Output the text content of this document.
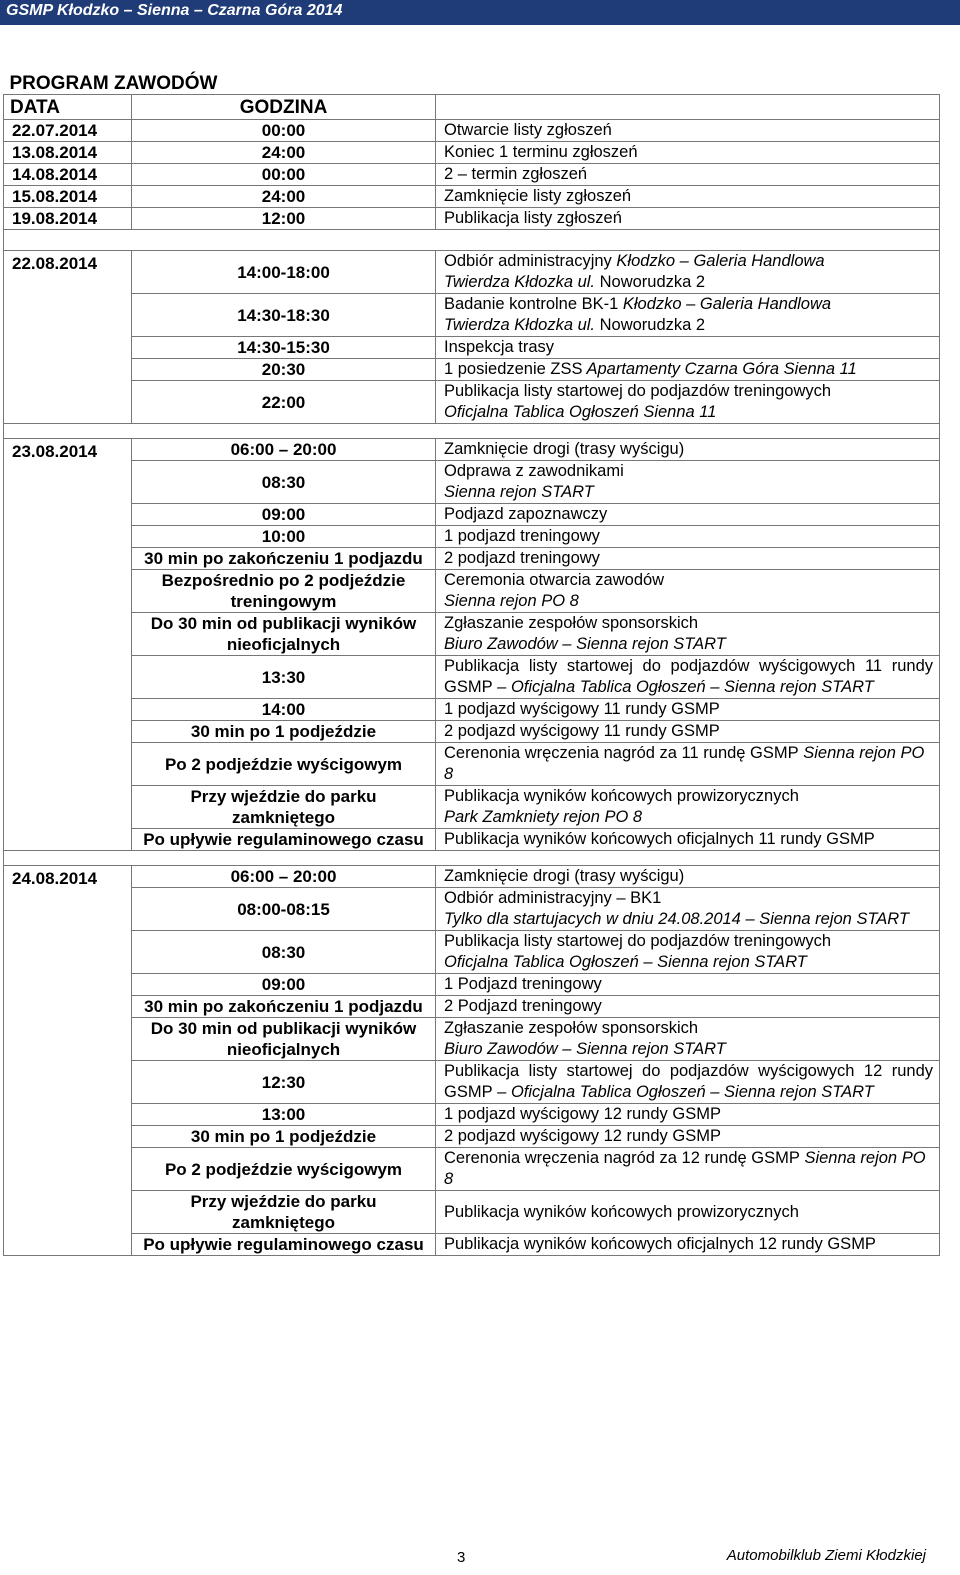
GSMP Kłodzko – Sienna – Czarna Góra 2014
PROGRAM ZAWODÓW		
DATA	GODZINA	
22.07.2014	00:00	Otwarcie listy zgłoszeń
13.08.2014	24:00	Koniec 1 terminu zgłoszeń
14.08.2014	00:00	2 – termin zgłoszeń
15.08.2014	24:00	Zamknięcie listy zgłoszeń
19.08.2014	12:00	Publikacja listy zgłoszeń

22.08.2014	14:00-18:00	Odbiór administracyjny Kłodzko – Galeria Handlowa
Twierdza Kłdozka ul. Noworudzka 2
	14:30-18:30	Badanie kontrolne BK-1 Kłodzko – Galeria Handlowa
Twierdza Kłdozka ul. Noworudzka 2
	14:30-15:30	Inspekcja trasy
	20:30	1 posiedzenie ZSS Apartamenty Czarna Góra Sienna 11
	22:00	Publikacja listy startowej do podjazdów treningowych
Oficjalna Tablica Ogłoszeń Sienna 11

23.08.2014	06:00 – 20:00	Zamknięcie drogi (trasy wyścigu)
	08:30	Odprawa z zawodnikami
Sienna rejon START
	09:00	Podjazd zapoznawczy
	10:00	1 podjazd treningowy
	30 min po zakończeniu 1 podjazdu	2 podjazd treningowy
	Bezpośrednio po 2 podjeździe treningowym	Ceremonia otwarcia zawodów
Sienna rejon PO 8
	Do 30 min od publikacji wyników nieoficjalnych	Zgłaszanie zespołów sponsorskich
Biuro Zawodów – Sienna rejon START
	13:30	Publikacja listy startowej do podjazdów wyścigowych 11 rundy GSMP – Oficjalna Tablica Ogłoszeń – Sienna rejon START
	14:00	1 podjazd wyścigowy 11 rundy GSMP
	30 min po 1 podjeździe	2 podjazd wyścigowy 11 rundy GSMP
	Po 2 podjeździe wyścigowym	Cerenonia wręczenia nagród za 11 rundę GSMP Sienna rejon PO 8
	Przy wjeździe do parku zamkniętego	Publikacja wyników końcowych prowizorycznych
Park Zamkniety rejon PO 8
	Po upływie regulaminowego czasu	Publikacja wyników końcowych oficjalnych 11 rundy GSMP

24.08.2014	06:00 – 20:00	Zamknięcie drogi (trasy wyścigu)
	08:00-08:15	Odbiór administracyjny – BK1
Tylko dla startujacych w dniu 24.08.2014 – Sienna rejon START
	08:30	Publikacja listy startowej do podjazdów treningowych
Oficjalna Tablica Ogłoszeń – Sienna rejon START
	09:00	1 Podjazd treningowy
	30 min po zakończeniu 1 podjazdu	2 Podjazd treningowy
	Do 30 min od publikacji wyników nieoficjalnych	Zgłaszanie zespołów sponsorskich
Biuro Zawodów – Sienna rejon START
	12:30	Publikacja listy startowej do podjazdów wyścigowych 12 rundy GSMP – Oficjalna Tablica Ogłoszeń – Sienna rejon START
	13:00	1 podjazd wyścigowy 12 rundy GSMP
	30 min po 1 podjeździe	2 podjazd wyścigowy 12 rundy GSMP
	Po 2 podjeździe wyścigowym	Cerenonia wręczenia nagród za 12 rundę GSMP Sienna rejon PO 8
	Przy wjeździe do parku zamkniętego	Publikacja wyników końcowych prowizorycznych
	Po upływie regulaminowego czasu	Publikacja wyników końcowych oficjalnych 12 rundy GSMP
3	Automobilklub Ziemi Kłodzkiej
